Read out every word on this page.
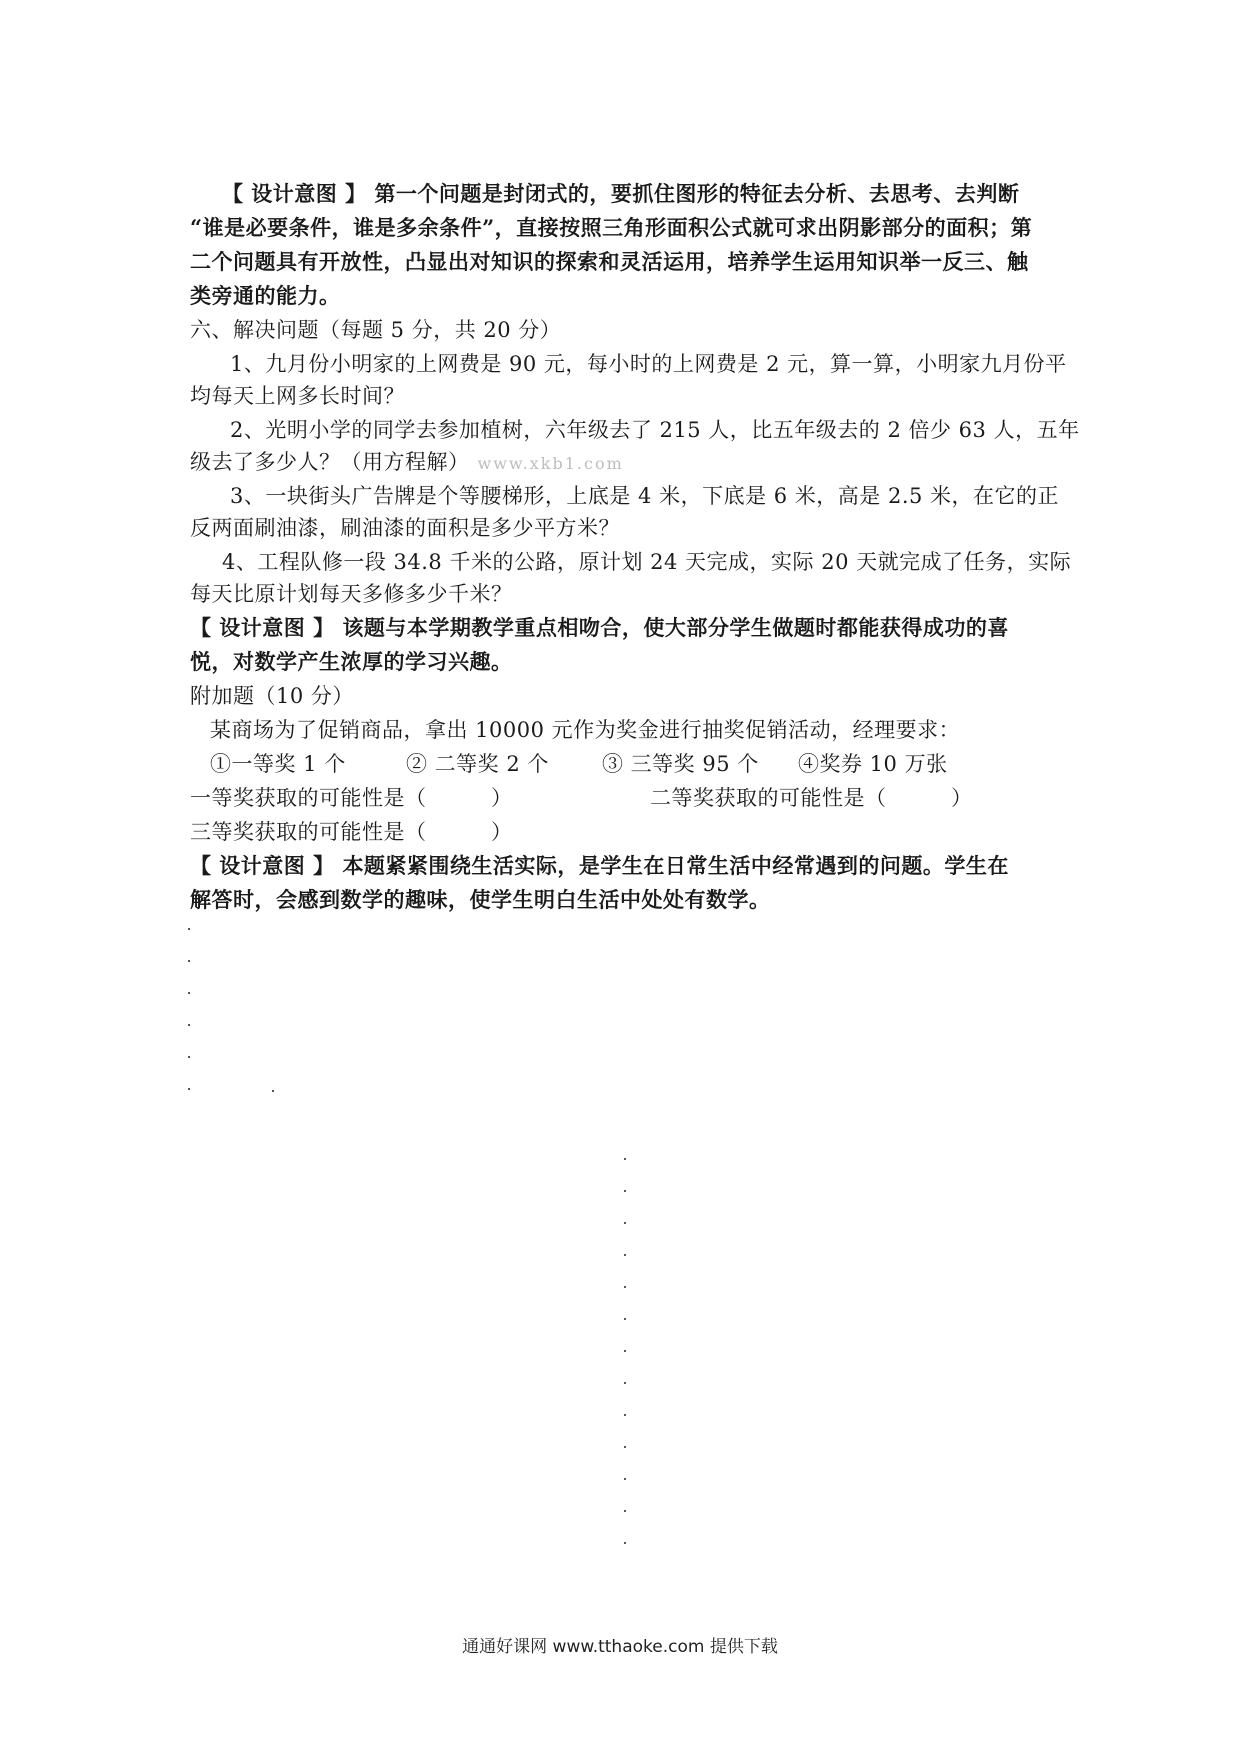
【 设计意图 】 第一个问题是封闭式的，要抓住图形的特征去分析、去思考、去判断
“谁是必要条件，谁是多余条件”，直接按照三角形面积公式就可求出阴影部分的面积；第
二个问题具有开放性，凸显出对知识的探索和灵活运用，培养学生运用知识举一反三、触
类旁通的能力。
六、解决问题（每题 5 分，共 20 分）
1、九月份小明家的上网费是 90 元，每小时的上网费是 2 元，算一算，小明家九月份平
均每天上网多长时间？
2、光明小学的同学去参加植树，六年级去了 215 人，比五年级去的 2 倍少 63 人，五年
级去了多少人？（用方程解） www.xkb1.com
3、一块街头广告牌是个等腰梯形，上底是 4 米，下底是 6 米，高是 2.5 米，在它的正
反两面刷油漆，刷油漆的面积是多少平方米？
4、工程队修一段 34.8 千米的公路，原计划 24 天完成，实际 20 天就完成了任务，实际
每天比原计划每天多修多少千米？
【 设计意图 】 该题与本学期教学重点相吻合，使大部分学生做题时都能获得成功的喜
悦，对数学产生浓厚的学习兴趣。
附加题（10 分）
某商场为了促销商品，拿出 10000 元作为奖金进行抽奖促销活动，经理要求：
①一等奖 1 个	② 二等奖 2 个	③ 三等奖 95 个 ④奖券 10 万张
一等奖获取的可能性是（　　　）	二等奖获取的可能性是（　　　）
三等奖获取的可能性是（　　　）
【 设计意图 】 本题紧紧围绕生活实际，是学生在日常生活中经常遇到的问题。学生在
解答时，会感到数学的趣味，使学生明白生活中处处有数学。
通通好课网 www.tthaoke.com 提供下载
